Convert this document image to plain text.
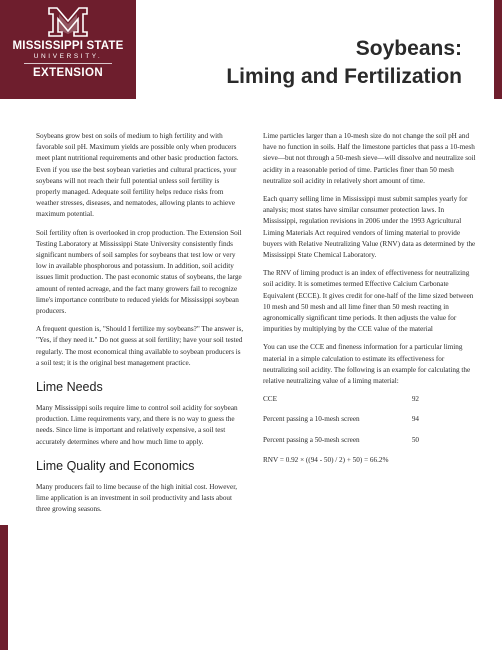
MISSISSIPPI STATE
UNIVERSITY.
EXTENSION
Soybeans:
Liming and Fertilization

Soybeans grow best on soils of medium to high fertility and with favorable soil pH. Maximum yields are possible only when producers meet plant nutritional requirements and other basic production factors. Even if you use the best soybean varieties and cultural practices, your soybeans will not reach their full potential unless soil fertility is properly managed. Adequate soil fertility helps reduce risks from weather stresses, diseases, and nematodes, allowing plants to achieve maximum potential.

Soil fertility often is overlooked in crop production. The Extension Soil Testing Laboratory at Mississippi State University consistently finds significant numbers of soil samples for soybeans that test low or very low in available phosphorous and potassium. In addition, soil acidity issues limit production. The past economic status of soybeans, the large amount of rented acreage, and the fact many growers fail to recognize lime's importance contribute to reduced yields for Mississippi soybean producers.

A frequent question is, "Should I fertilize my soybeans?" The answer is, "Yes, if they need it." Do not guess at soil fertility; have your soil tested regularly. The most economical thing available to soybean producers is a soil test; it is the original best management practice.

Lime Needs

Many Mississippi soils require lime to control soil acidity for soybean production. Lime requirements vary, and there is no way to guess the needs. Since lime is important and relatively expensive, a soil test accurately determines where and how much lime to apply.

Lime Quality and Economics

Many producers fail to lime because of the high initial cost. However, lime application is an investment in soil productivity and lasts about three growing seasons.

Lime particles larger than a 10-mesh size do not change the soil pH and have no function in soils. Half the limestone particles that pass a 10-mesh sieve—but not through a 50-mesh sieve—will dissolve and neutralize soil acidity in a reasonable period of time. Particles finer than 50 mesh neutralize soil acidity in relatively short amount of time.

Each quarry selling lime in Mississippi must submit samples yearly for analysis; most states have similar consumer protection laws. In Mississippi, regulation revisions in 2006 under the 1993 Agricultural Liming Materials Act required vendors of liming material to provide buyers with Relative Neutralizing Value (RNV) data as determined by the Mississippi State Chemical Laboratory.

The RNV of liming product is an index of effectiveness for neutralizing soil acidity. It is sometimes termed Effective Calcium Carbonate Equivalent (ECCE). It gives credit for one-half of the lime sized between 10 mesh and 50 mesh and all lime finer than 50 mesh reacting in agronomically significant time periods. It then adjusts the value for impurities by multiplying by the CCE value of the material

You can use the CCE and fineness information for a particular liming material in a simple calculation to estimate its effectiveness for neutralizing soil acidity. The following is an example for calculating the relative neutralizing value of a liming material:

CCE	92
Percent passing a 10-mesh screen	94
Percent passing a 50-mesh screen	50
RNV = 0.92 × ((94 - 50) / 2) + 50) = 66.2%
